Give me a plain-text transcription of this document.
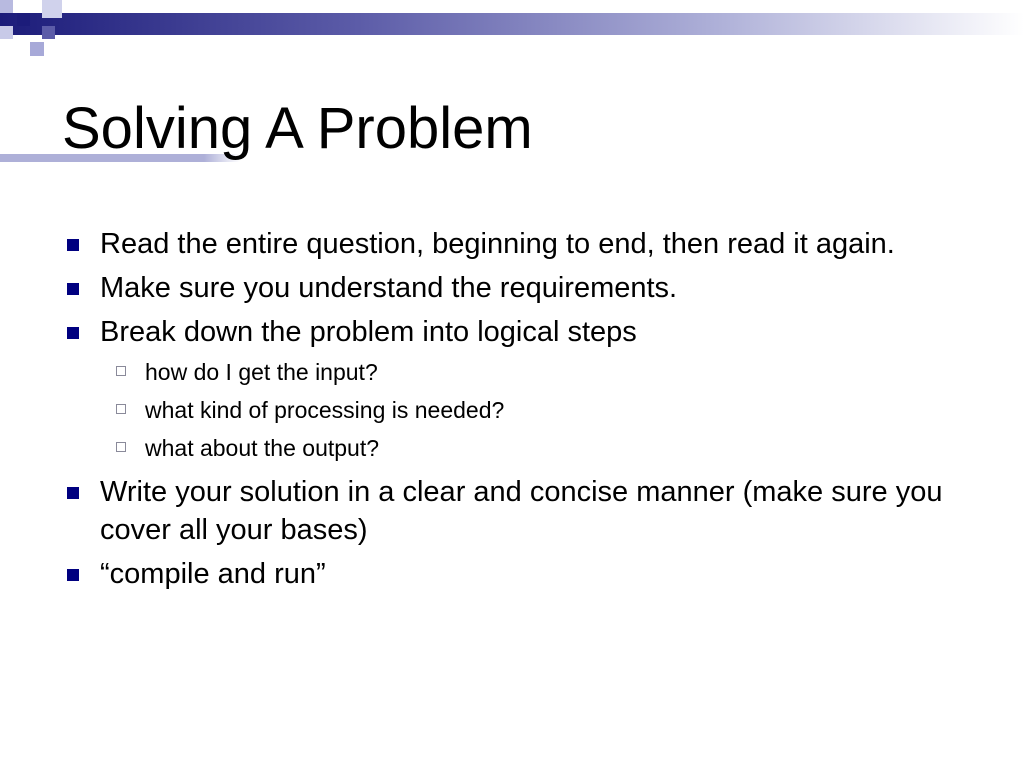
Solving A Problem
Read the entire question, beginning to end, then read it again.
Make sure you understand the requirements.
Break down the problem into logical steps
how do I get the input?
what kind of processing is needed?
what about the output?
Write your solution in a clear and concise manner (make sure you cover all your bases)
“compile and run”
